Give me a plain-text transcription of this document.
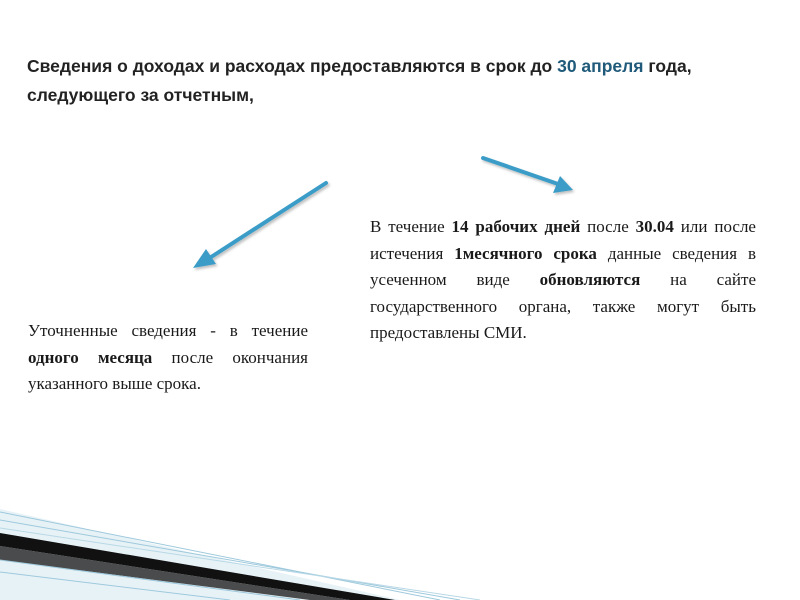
Сведения о доходах и расходах предоставляются в срок до 30 апреля года, следующего за отчетным,

В течение 14 рабочих дней после 30.04 или после истечения 1месячного срока данные сведения в усеченном виде обновляются на сайте государственного органа, также могут быть предоставлены СМИ.

Уточненные сведения - в течение одного месяца после окончания указанного выше срока.
